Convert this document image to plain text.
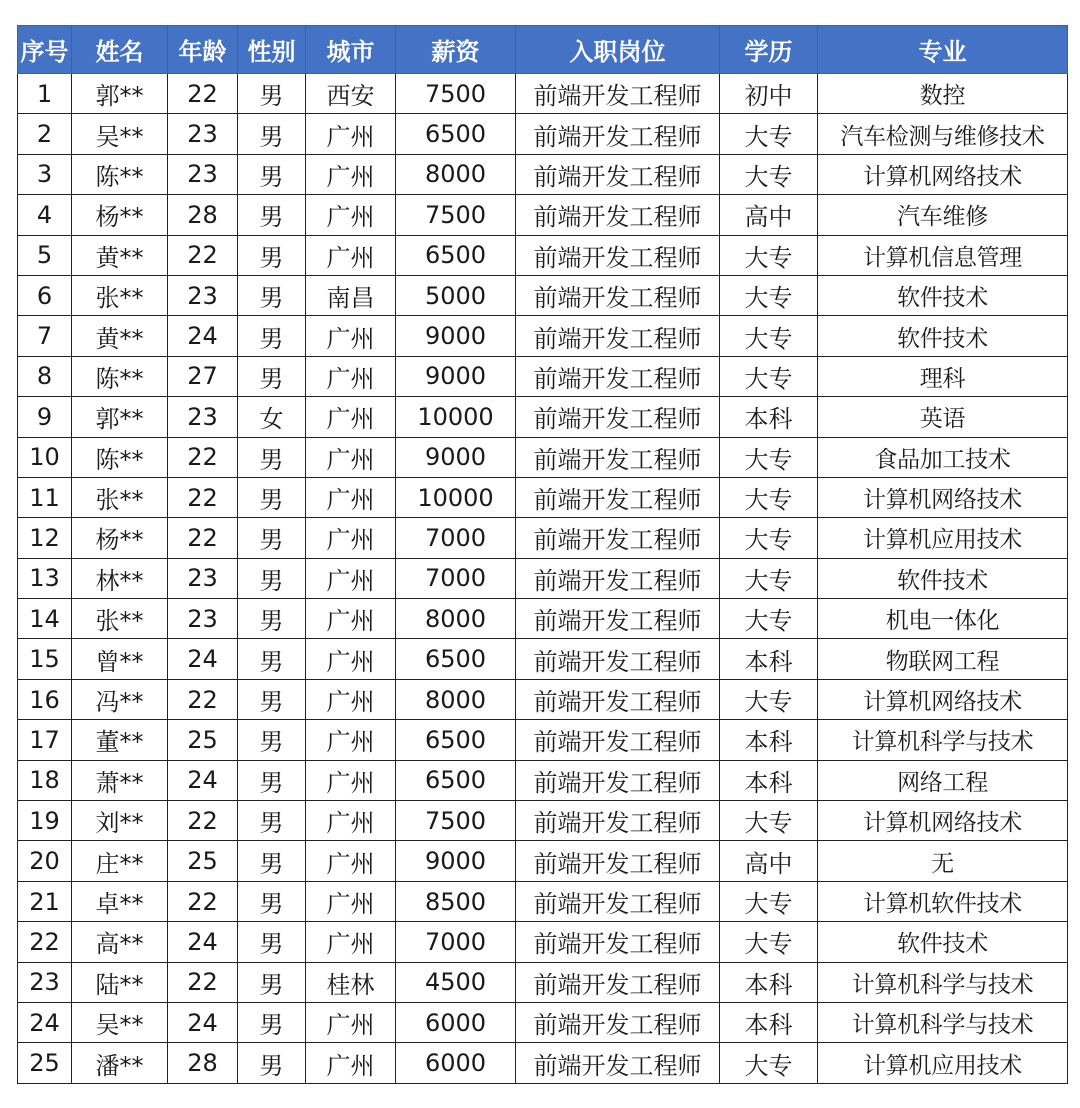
序号	姓名	年龄	性别	城市	薪资	入职岗位	学历	专业
1	郭**	22	男	西安	7500	前端开发工程师	初中	数控
2	吴**	23	男	广州	6500	前端开发工程师	大专	汽车检测与维修技术
3	陈**	23	男	广州	8000	前端开发工程师	大专	计算机网络技术
4	杨**	28	男	广州	7500	前端开发工程师	高中	汽车维修
5	黄**	22	男	广州	6500	前端开发工程师	大专	计算机信息管理
6	张**	23	男	南昌	5000	前端开发工程师	大专	软件技术
7	黄**	24	男	广州	9000	前端开发工程师	大专	软件技术
8	陈**	27	男	广州	9000	前端开发工程师	大专	理科
9	郭**	23	女	广州	10000	前端开发工程师	本科	英语
10	陈**	22	男	广州	9000	前端开发工程师	大专	食品加工技术
11	张**	22	男	广州	10000	前端开发工程师	大专	计算机网络技术
12	杨**	22	男	广州	7000	前端开发工程师	大专	计算机应用技术
13	林**	23	男	广州	7000	前端开发工程师	大专	软件技术
14	张**	23	男	广州	8000	前端开发工程师	大专	机电一体化
15	曾**	24	男	广州	6500	前端开发工程师	本科	物联网工程
16	冯**	22	男	广州	8000	前端开发工程师	大专	计算机网络技术
17	董**	25	男	广州	6500	前端开发工程师	本科	计算机科学与技术
18	萧**	24	男	广州	6500	前端开发工程师	本科	网络工程
19	刘**	22	男	广州	7500	前端开发工程师	大专	计算机网络技术
20	庄**	25	男	广州	9000	前端开发工程师	高中	无
21	卓**	22	男	广州	8500	前端开发工程师	大专	计算机软件技术
22	高**	24	男	广州	7000	前端开发工程师	大专	软件技术
23	陆**	22	男	桂林	4500	前端开发工程师	本科	计算机科学与技术
24	吴**	24	男	广州	6000	前端开发工程师	本科	计算机科学与技术
25	潘**	28	男	广州	6000	前端开发工程师	大专	计算机应用技术
